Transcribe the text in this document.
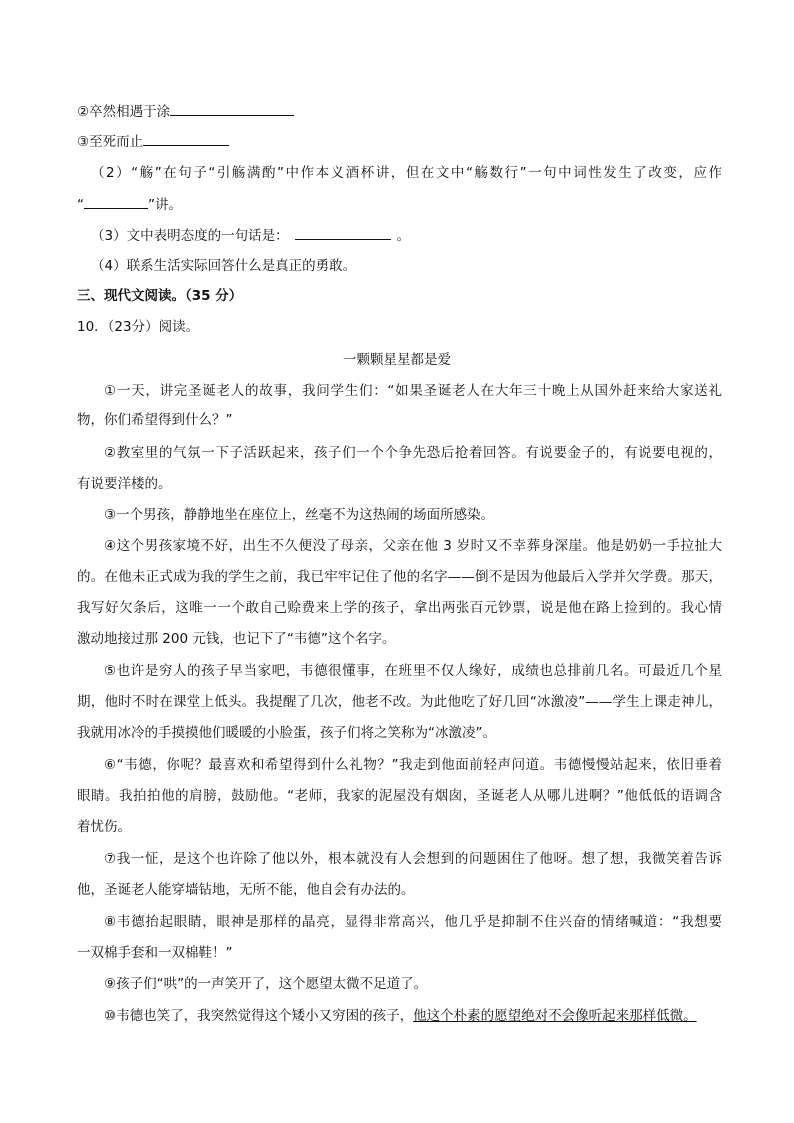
②卒然相遇于涂
③至死而止
（2）“觞”在句子“引觞满酌”中作本义酒杯讲，但在文中“觞数行”一句中词性发生了改变，应作
“	”讲。
（3）文中表明态度的一句话是：	。
（4）联系生活实际回答什么是真正的勇敢。
三、现代文阅读。（35 分）
10．（23分）阅读。
一颗颗星星都是爱
①一天，讲完圣诞老人的故事，我问学生们：“如果圣诞老人在大年三十晚上从国外赶来给大家送礼
物，你们希望得到什么？”
②教室里的气氛一下子活跃起来，孩子们一个个争先恐后抢着回答。有说要金子的，有说要电视的，
有说要洋楼的。
③一个男孩，静静地坐在座位上，丝毫不为这热闹的场面所感染。
④这个男孩家境不好，出生不久便没了母亲，父亲在他 3 岁时又不幸葬身深崖。他是奶奶一手拉扯大
的。在他未正式成为我的学生之前，我已牢牢记住了他的名字——倒不是因为他最后入学并欠学费。那天，
我写好欠条后，这唯一一个敢自己赊费来上学的孩子，拿出两张百元钞票，说是他在路上捡到的。我心情
激动地接过那 200 元钱，也记下了“韦德”这个名字。
⑤也许是穷人的孩子早当家吧，韦德很懂事，在班里不仅人缘好，成绩也总排前几名。可最近几个星
期，他时不时在课堂上低头。我提醒了几次，他老不改。为此他吃了好几回“冰激凌”——学生上课走神儿，
我就用冰冷的手摸摸他们暖暖的小脸蛋，孩子们将之笑称为“冰激凌”。
⑥“韦德，你呢？最喜欢和希望得到什么礼物？”我走到他面前轻声问道。韦德慢慢站起来，依旧垂着
眼睛。我拍拍他的肩膀，鼓励他。“老师，我家的泥屋没有烟囱，圣诞老人从哪儿进啊？”他低低的语调含
着忧伤。
⑦我一怔，是这个也许除了他以外，根本就没有人会想到的问题困住了他呀。想了想，我微笑着告诉
他，圣诞老人能穿墙钻地，无所不能，他自会有办法的。
⑧韦德抬起眼睛，眼神是那样的晶亮，显得非常高兴，他几乎是抑制不住兴奋的情绪喊道：“我想要
一双棉手套和一双棉鞋！”
⑨孩子们“哄”的一声笑开了，这个愿望太微不足道了。
⑩韦德也笑了，我突然觉得这个矮小又穷困的孩子，他这个朴素的愿望绝对不会像听起来那样低微。
